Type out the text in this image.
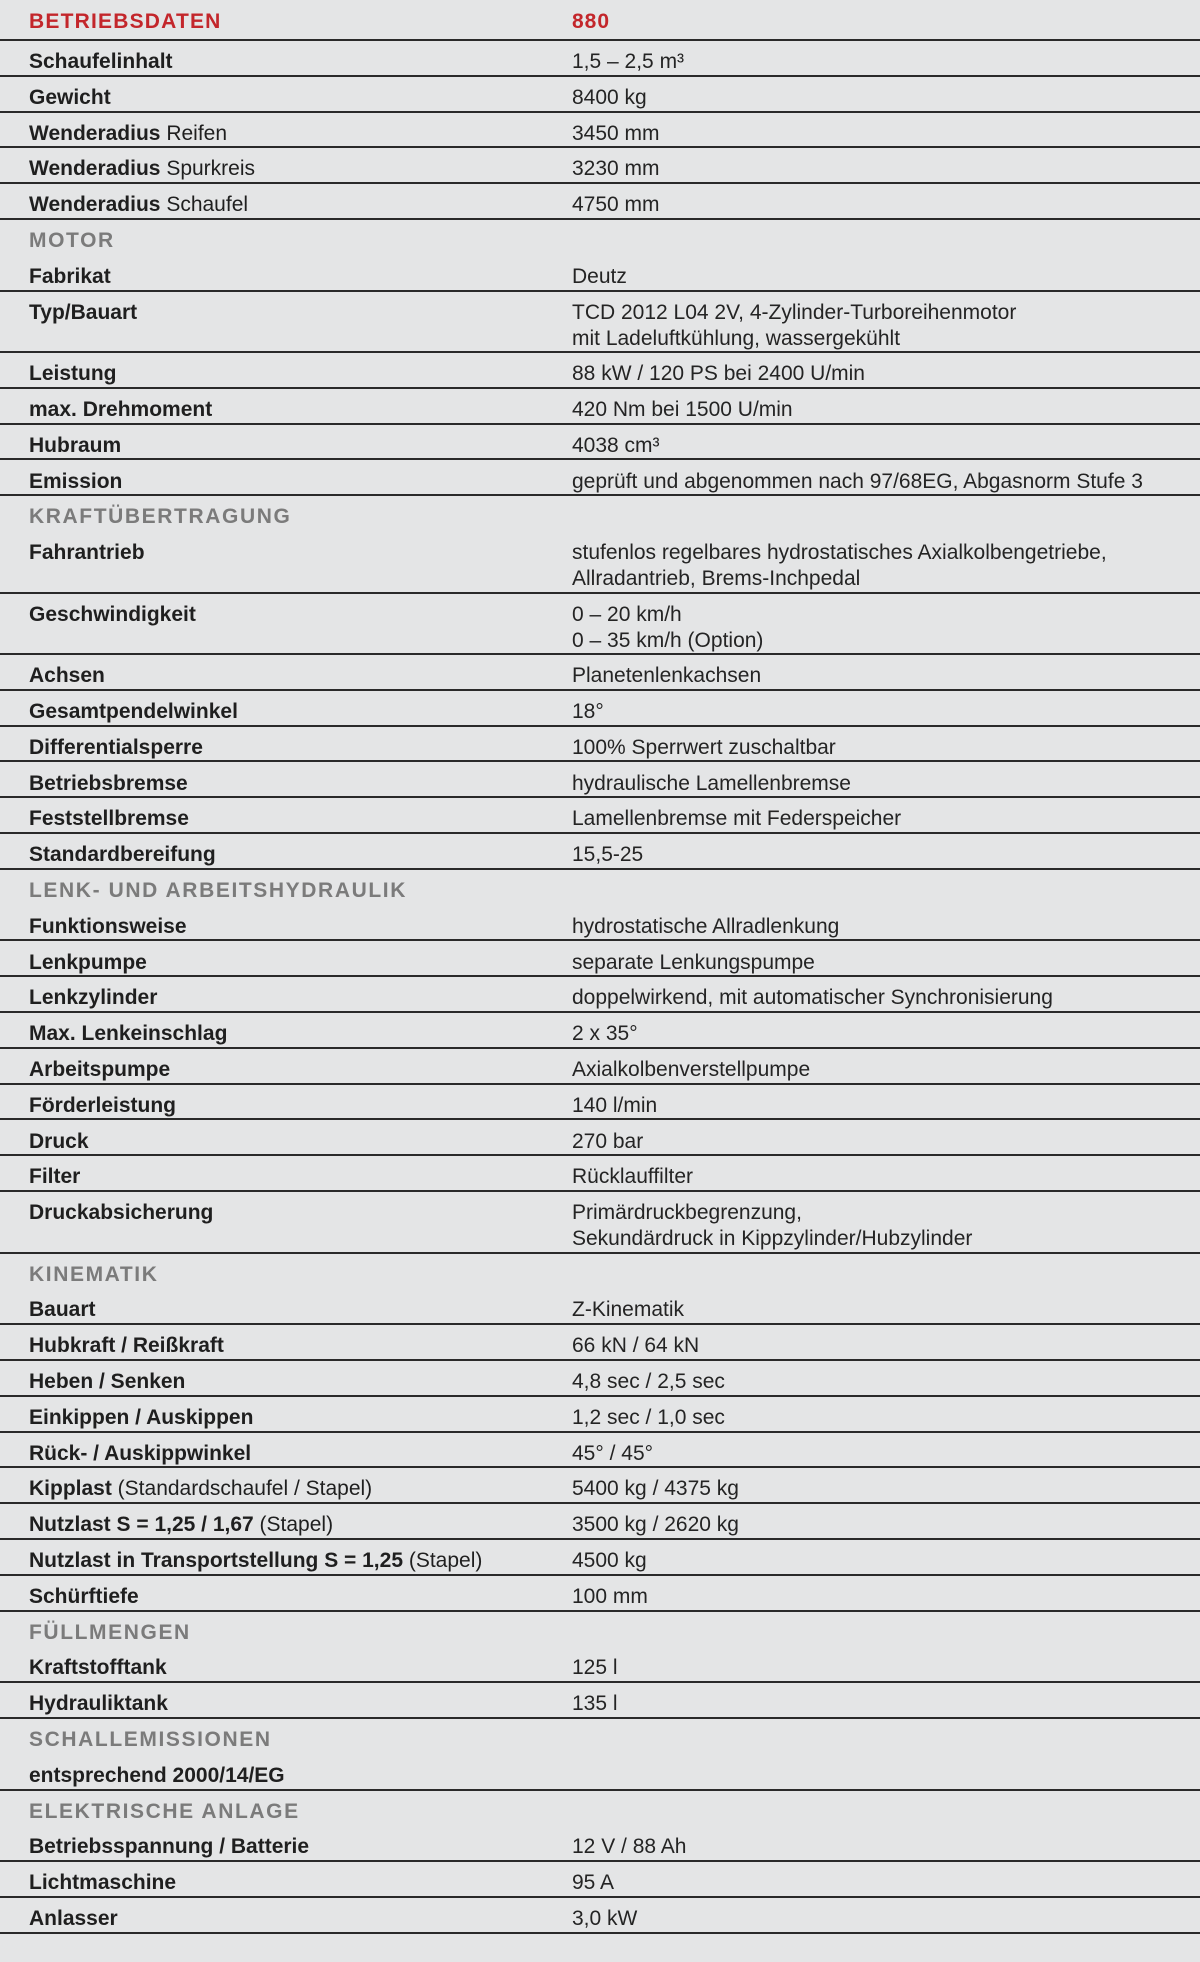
BETRIEBSDATEN	880
Schaufelinhalt	1,5 – 2,5 m³
Gewicht	8400 kg
Wenderadius Reifen	3450 mm
Wenderadius Spurkreis	3230 mm
Wenderadius Schaufel	4750 mm
MOTOR
Fabrikat	Deutz
Typ/Bauart	TCD 2012 L04 2V, 4-Zylinder-Turboreihenmotor
mit Ladeluftkühlung, wassergekühlt
Leistung	88 kW / 120 PS bei 2400 U/min
max. Drehmoment	420 Nm bei 1500 U/min
Hubraum	4038 cm³
Emission	geprüft und abgenommen nach 97/68EG, Abgasnorm Stufe 3
KRAFTÜBERTRAGUNG
Fahrantrieb	stufenlos regelbares hydrostatisches Axialkolbengetriebe,
Allradantrieb, Brems-Inchpedal
Geschwindigkeit	0 – 20 km/h
0 – 35 km/h (Option)
Achsen	Planetenlenkachsen
Gesamtpendelwinkel	18°
Differentialsperre	100% Sperrwert zuschaltbar
Betriebsbremse	hydraulische Lamellenbremse
Feststellbremse	Lamellenbremse mit Federspeicher
Standardbereifung	15,5-25
LENK- UND ARBEITSHYDRAULIK
Funktionsweise	hydrostatische Allradlenkung
Lenkpumpe	separate Lenkungspumpe
Lenkzylinder	doppelwirkend, mit automatischer Synchronisierung
Max. Lenkeinschlag	2 x 35°
Arbeitspumpe	Axialkolbenverstellpumpe
Förderleistung	140 l/min
Druck	270 bar
Filter	Rücklauffilter
Druckabsicherung	Primärdruckbegrenzung,
Sekundärdruck in Kippzylinder/Hubzylinder
KINEMATIK
Bauart	Z-Kinematik
Hubkraft / Reißkraft	66 kN / 64 kN
Heben / Senken	4,8 sec / 2,5 sec
Einkippen / Auskippen	1,2 sec / 1,0 sec
Rück- / Auskippwinkel	45° / 45°
Kipplast (Standardschaufel / Stapel)	5400 kg / 4375 kg
Nutzlast S = 1,25 / 1,67 (Stapel)	3500 kg / 2620 kg
Nutzlast in Transportstellung S = 1,25 (Stapel)	4500 kg
Schürftiefe	100 mm
FÜLLMENGEN
Kraftstofftank	125 l
Hydrauliktank	135 l
SCHALLEMISSIONEN
entsprechend 2000/14/EG
ELEKTRISCHE ANLAGE
Betriebsspannung / Batterie	12 V / 88 Ah
Lichtmaschine	95 A
Anlasser	3,0 kW
